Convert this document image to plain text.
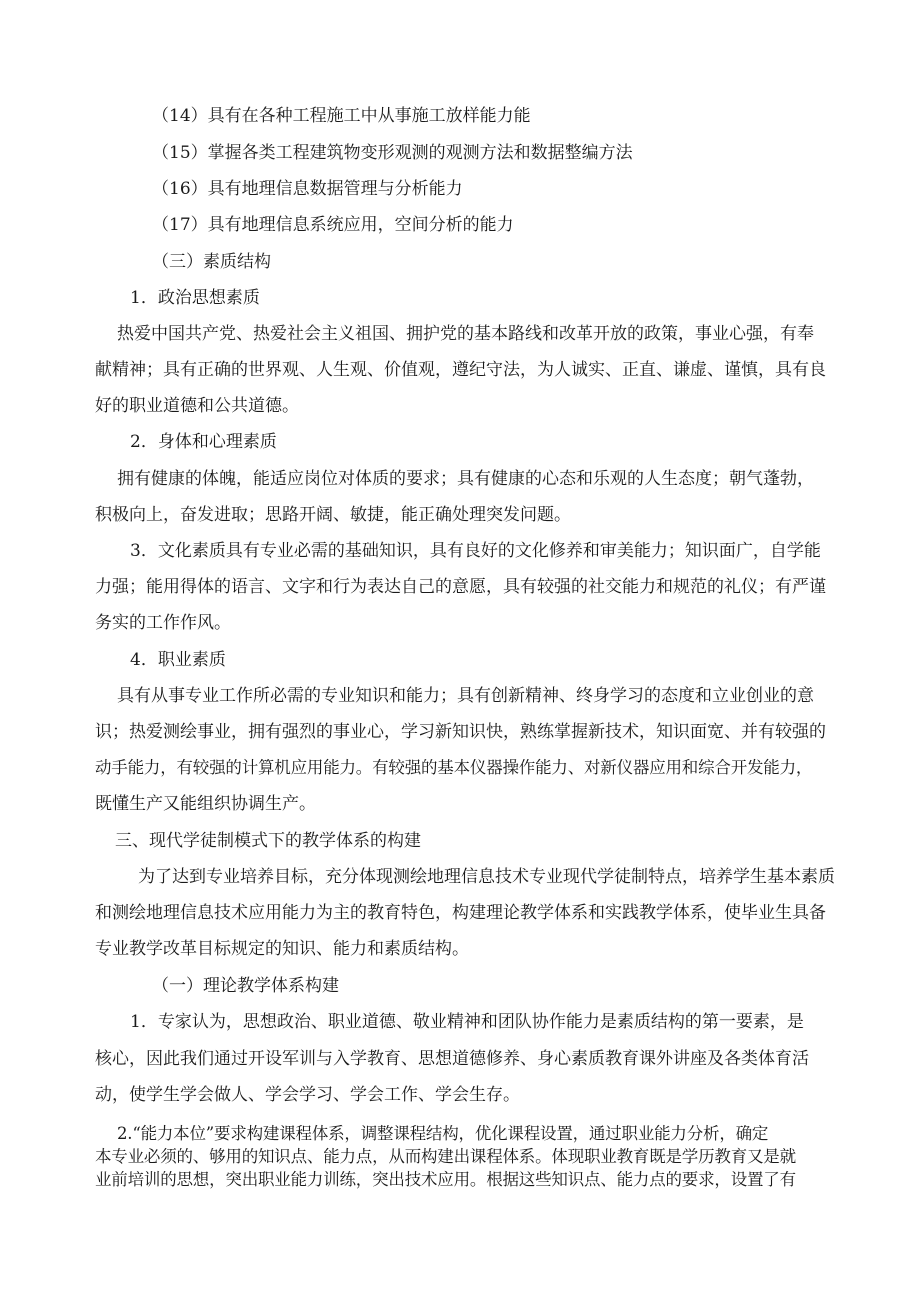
（14）具有在各种工程施工中从事施工放样能力能
（15）掌握各类工程建筑物变形观测的观测方法和数据整编方法
（16）具有地理信息数据管理与分析能力
（17）具有地理信息系统应用，空间分析的能力
（三）素质结构
1．政治思想素质
热爱中国共产党、热爱社会主义祖国、拥护党的基本路线和改革开放的政策，事业心强，有奉
献精神；具有正确的世界观、人生观、价值观，遵纪守法，为人诚实、正直、谦虚、谨慎，具有良
好的职业道德和公共道德。
2．身体和心理素质
拥有健康的体魄，能适应岗位对体质的要求；具有健康的心态和乐观的人生态度；朝气蓬勃，
积极向上，奋发进取；思路开阔、敏捷，能正确处理突发问题。
3．文化素质具有专业必需的基础知识，具有良好的文化修养和审美能力；知识面广，自学能
力强；能用得体的语言、文字和行为表达自己的意愿，具有较强的社交能力和规范的礼仪；有严谨
务实的工作作风。
4．职业素质
具有从事专业工作所必需的专业知识和能力；具有创新精神、终身学习的态度和立业创业的意
识；热爱测绘事业，拥有强烈的事业心，学习新知识快，熟练掌握新技术，知识面宽、并有较强的
动手能力，有较强的计算机应用能力。有较强的基本仪器操作能力、对新仪器应用和综合开发能力，
既懂生产又能组织协调生产。
三、现代学徒制模式下的教学体系的构建
为了达到专业培养目标，充分体现测绘地理信息技术专业现代学徒制特点，培养学生基本素质
和测绘地理信息技术应用能力为主的教育特色，构建理论教学体系和实践教学体系，使毕业生具备
专业教学改革目标规定的知识、能力和素质结构。
（一）理论教学体系构建
1．专家认为，思想政治、职业道德、敬业精神和团队协作能力是素质结构的第一要素，是
核心，因此我们通过开设军训与入学教育、思想道德修养、身心素质教育课外讲座及各类体育活
动，使学生学会做人、学会学习、学会工作、学会生存。
2.“能力本位”要求构建课程体系，调整课程结构，优化课程设置，通过职业能力分析，确定
本专业必须的、够用的知识点、能力点，从而构建出课程体系。体现职业教育既是学历教育又是就
业前培训的思想，突出职业能力训练，突出技术应用。根据这些知识点、能力点的要求，设置了有
